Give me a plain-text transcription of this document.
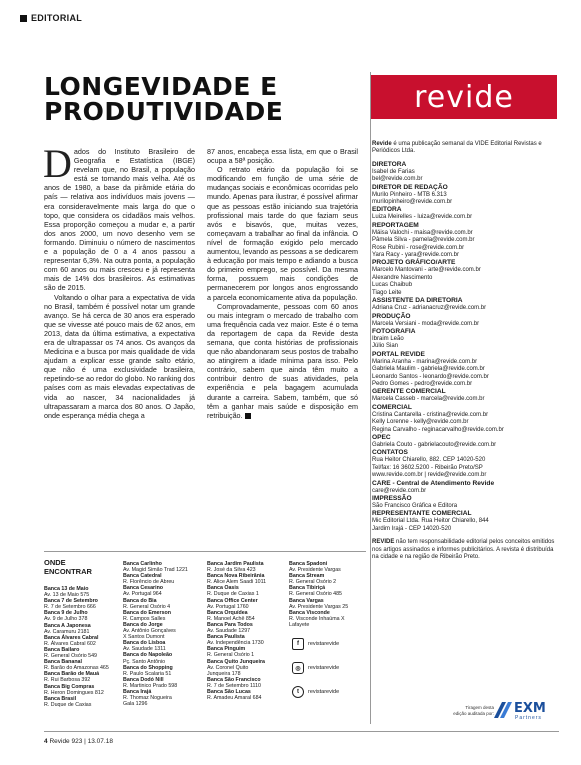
EDITORIAL
LONGEVIDADE E
PRODUTIVIDADE

Dados do Instituto Brasileiro de Geografia e Estatística (IBGE) revelam que, no Brasil, a população está se tornando mais velha. Até os anos de 1980, a base da pirâmide etária do país — relativa aos indivíduos mais jovens — era consideravelmente mais larga do que o topo, que considera os cidadãos mais velhos. Essa proporção começou a mudar e, a partir dos anos 2000, um novo desenho vem se formando. Diminuiu o número de nascimentos e a população de 0 a 4 anos passou a representar 6,3%. Na outra ponta, a população com 60 anos ou mais cresceu e já representa mais de 14% dos brasileiros. As estimativas são de 2015.

Voltando o olhar para a expectativa de vida no Brasil, também é possível notar um grande avanço. Se há cerca de 30 anos era esperado que se vivesse até pouco mais de 62 anos, em 2013, data da última estimativa, a expectativa era de ultrapassar os 74 anos. Os avanços da Medicina e a busca por mais qualidade de vida ajudam a explicar esse grande salto etário, que não é uma exclusividade brasileira, repetindo-se ao redor do globo. No ranking dos países com as mais elevadas expectativas de vida ao nascer, 34 nacionalidades já ultrapassaram a marca dos 80 anos. O Japão, onde esperança média chega a

87 anos, encabeça essa lista, em que o Brasil ocupa a 58ª posição.

O retrato etário da população foi se modificando em função de uma série de mudanças sociais e econômicas ocorridas pelo mundo. Apenas para ilustrar, é possível afirmar que as pessoas estão iniciando sua trajetória profissional mais tarde do que faziam seus avós e bisavós, que, muitas vezes, começavam a trabalhar ao final da infância. O nível de formação exigido pelo mercado aumentou, levando as pessoas a se dedicarem à educação por mais tempo e adiando a busca do primeiro emprego, se possível. Da mesma forma, possuem mais condições de permanecerem por longos anos engrossando a parcela economicamente ativa da população.

Comprovadamente, pessoas com 60 anos ou mais integram o mercado de trabalho com uma frequência cada vez maior. Este é o tema da reportagem de capa da Revide desta semana, que conta histórias de profissionais que não abandonaram seus postos de trabalho ao atingirem a idade mínima para isso. Pelo contrário, sabem que ainda têm muito a contribuir dentro de suas atividades, pela experiência e pela bagagem acumulada durante a carreira. Sabem, também, que só têm a ganhar mais saúde e disposição em retribuição.

revide
Revide é uma publicação semanal da VIDE Editorial Revistas e Periódicos Ltda.
DIRETORA
Isabel de Farias
bel@revide.com.br
DIRETOR DE REDAÇÃO
Murilo Pinheiro - MTB 6.313
murilopinheiro@revide.com.br
EDITORA
Luiza Meirelles - luiza@revide.com.br
REPORTAGEM
Máisa Valochi - maisa@revide.com.br
Pâmela Silva - pamela@revide.com.br
Rose Rubini - rose@revide.com.br
Yara Racy - yara@revide.com.br
PROJETO GRÁFICO/ARTE
Marcelo Mantovani - arte@revide.com.br
Alexandre Nascimento
Lucas Chaibub
Tiago Leite
ASSISTENTE DA DIRETORIA
Adriana Cruz - adrianacruz@revide.com.br
PRODUÇÃO
Marcela Versiani - moda@revide.com.br
FOTOGRAFIA
Ibraim Leão
Júlio Sian
PORTAL REVIDE
Marina Aranha - marina@revide.com.br
Gabriela Maulim - gabriela@revide.com.br
Leonardo Santos - leonardo@revide.com.br
Pedro Gomes - pedro@revide.com.br
GERENTE COMERCIAL
Marcela Casseb - marcela@revide.com.br
COMERCIAL
Cristina Cantarella - cristina@revide.com.br
Kelly Lorenne - kelly@revide.com.br
Regina Carvalho - reginacarvalho@revide.com.br
OPEC
Gabriela Couto - gabrielacouto@revide.com.br
CONTATOS
Rua Heitor Chiarello, 882. CEP 14020-520
Tel/fax: 16 3602.5200 - Ribeirão Preto/SP
www.revide.com.br | revide@revide.com.br
CARE - Central de Atendimento Revide
care@revide.com.br
IMPRESSÃO
São Francisco Gráfica e Editora
REPRESENTANTE COMERCIAL
Mic Editorial Ltda. Rua Heitor Chiarello, 844
Jardim Irajá - CEP 14020-520
REVIDE não tem responsabilidade editorial pelos conceitos emitidos nos artigos assinados e informes publicitários. A revista é distribuída na cidade e na região de Ribeirão Preto.
ONDE
ENCONTRAR
Banca 13 de Maio
Av. 13 de Maio 575
Banca 7 de Setembro
R. 7 de Setembro 666
Banca 9 de Julho
Av. 9 de Julho 378
Banca A Japonesa
Av. Caramuru 2181
Banca Álvares Cabral
R. Álvares Cabral 602
Banca Bailaro
R. General Osório 549
Banca Bananal
R. Barão do Amazonas 465
Banca Barão de Mauá
R. Rui Barbosa 392
Banca Big Compras
R. Heron Domingues 812
Banca Brasil
R. Duque de Caxias
Banca Carlinho
Av. Magid Simão Trad 1221
Banca Catedral
R. Florêncio de Abreu
Banca Cesarino
Av. Portugal 964
Banca do Bia
R. General Osório 4
Banca do Emerson
R. Campos Salles
Banca do Jorge
Av. Antônio Gonçalves
X Santos Dumont
Banca do Lisboa
Av. Saudade 1311
Banca do Napoleão
Pç. Santo Antônio
Banca do Shopping
R. Paulo Scalaria 51
Banca Dodó Nill
R. Martinico Prado 598
Banca Irajá
R. Thomaz Nogueira
Gala 1296
Banca Jardim Paulista
R. José da Silva 423
Banca Nova Ribeirânia
R. Alice Alem Saadi 1011
Banca Oasis
R. Duque de Caxias 1
Banca Office Center
Av. Portugal 1760
Banca Orquídea
R. Manoel Achê 854
Banca Para Todos
Av. Saudade 1297
Banca Paulista
Av. Independência 1730
Banca Pinguim
R. General Osório 1
Banca Quito Junqueira
Av. Coronel Quito
Junqueira 178
Banca São Francisco
R. 7 de Setembro 1110
Banca São Lucas
R. Amadeu Amaral 684
Banca Spadoni
Av. Presidente Vargas
Banca Stream
R. General Osório 2
Banca Tibiriçá
R. General Osório 485
Banca Vargas
Av. Presidente Vargas 25
Banca Visconde
R. Visconde Inhaúma X
Lafayete
f	revistarevide
◎	revistarevide
t	revistarevide
Tiragem desta
edição auditada por: EXM
Partners
4 Revide 923 | 13.07.18
